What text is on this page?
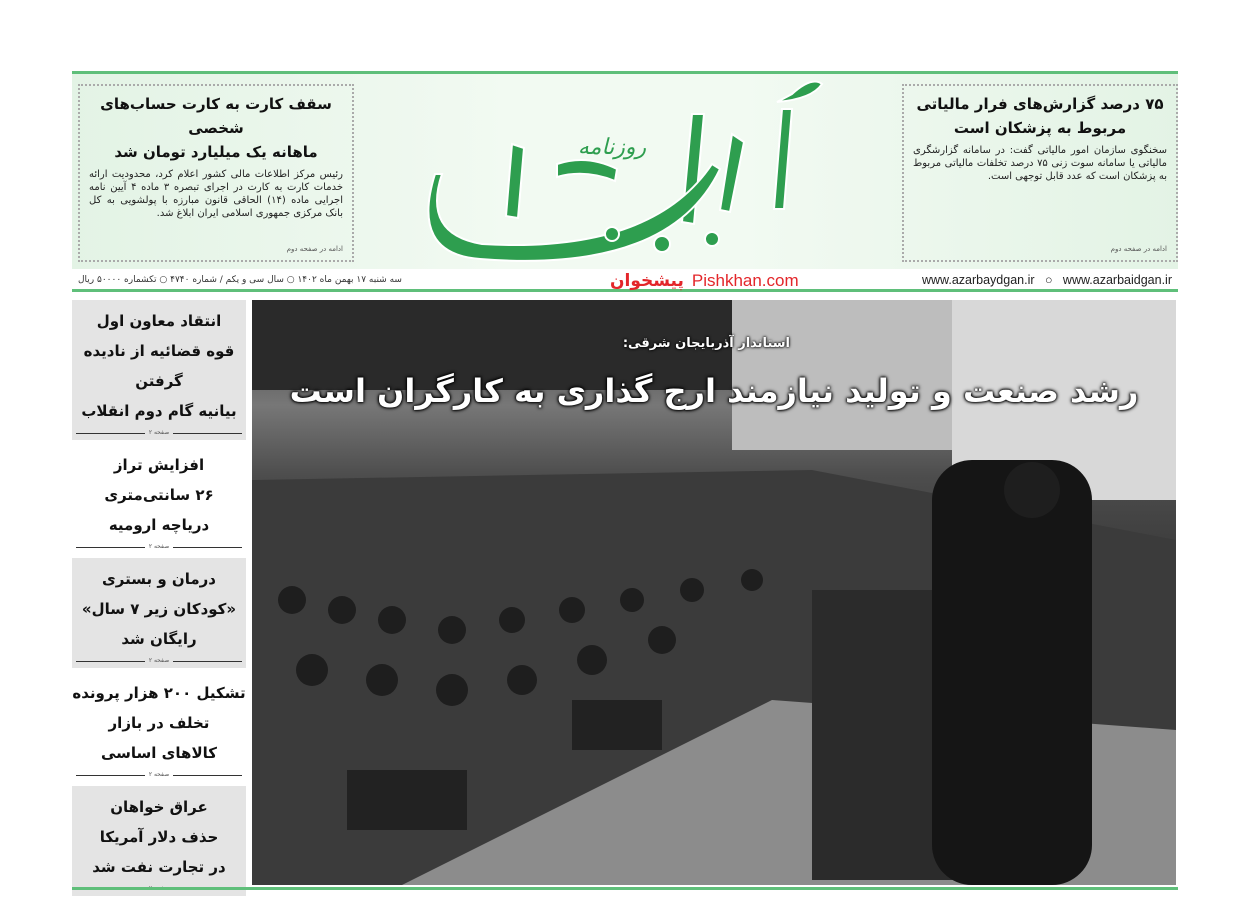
سقف کارت به کارت حساب‌های شخصی
ماهانه یک میلیارد تومان شد

رئیس مرکز اطلاعات مالی کشور اعلام کرد، محدودیت ارائه خدمات کارت به کارت در اجرای تبصره ۳ ماده ۴ آیین نامه اجرایی ماده (۱۴) الحاقی قانون مبارزه با پولشویی به کل بانک مرکزی جمهوری اسلامی ایران ابلاغ شد.

ادامه در صفحه دوم
روزنامه
۷۵ درصد گزارش‌های فرار مالیاتی
مربوط به پزشکان است

سخنگوی سازمان امور مالیاتی گفت: در سامانه گزارشگری مالیاتی یا سامانه سوت زنی ۷۵ درصد تخلفات مالیاتی مربوط به پزشکان است که عدد قابل توجهی است.

ادامه در صفحه دوم
سه شنبه ۱۷ بهمن ماه ۱۴۰۲ ○ سال سی و یکم / شماره ۴۷۴۰ ○ تکشماره ۵۰۰۰۰ ریال	www.azarbaydgan.ir   ○   www.azarbaidgan.ir
پیشخوان Pishkhan.com
انتقاد معاون اول
قوه قضائیه از نادیده گرفتن
بیانیه گام دوم انقلاب
صفحه ۲
افزایش تراز
۲۶ سانتی‌متری
دریاچه ارومیه
صفحه ۲
درمان و بستری
«کودکان زیر ۷ سال»
رایگان شد
صفحه ۲
تشکیل ۲۰۰ هزار پرونده
تخلف در بازار
کالاهای اساسی
صفحه ۲
عراق خواهان
حذف دلار آمریکا
در تجارت نفت شد
صفحه ۲
استاندار آذربایجان شرقی:
رشد صنعت و تولید نیازمند ارج گذاری به کارگران است
